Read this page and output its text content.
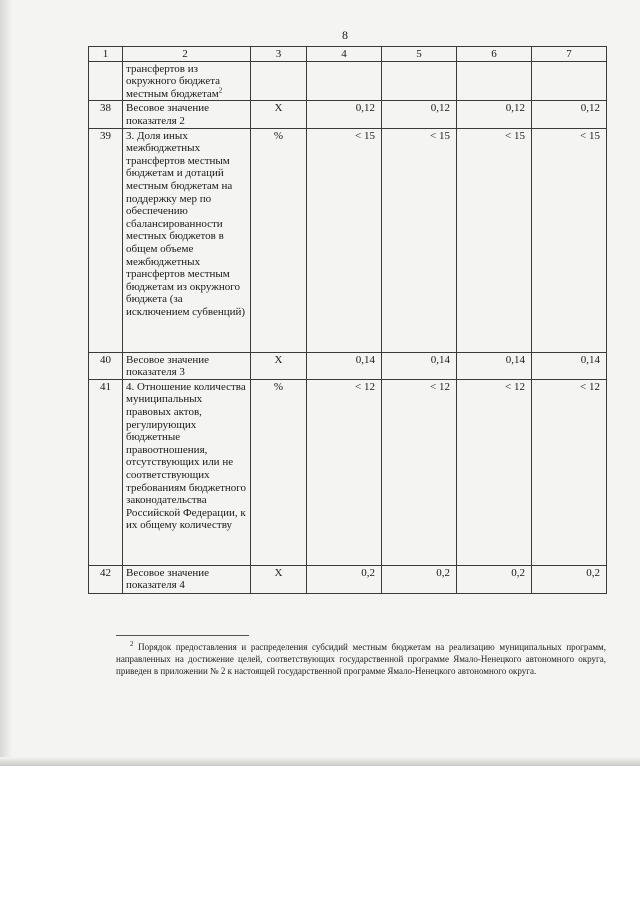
8
1	2	3	4	5	6	7
	трансфертов из окружного бюджета местным бюджетам$^2$					
38	Весовое значение показателя 2	Х	0,12	0,12	0,12	0,12
39	3. Доля иных межбюджетных трансфертов местным бюджетам и дотаций местным бюджетам на поддержку мер по обеспечению сбалансированности местных бюджетов в общем объеме межбюджетных трансфертов местным бюджетам из окружного бюджета (за исключением субвенций)	%	< 15	< 15	< 15	< 15
40	Весовое значение показателя 3	Х	0,14	0,14	0,14	0,14
41	4. Отношение количества муниципальных правовых актов, регулирующих бюджетные правоотношения, отсутствующих или не соответствующих требованиям бюджетного законодательства Российской Федерации, к их общему количеству	%	< 12	< 12	< 12	< 12
42	Весовое значение показателя 4	Х	0,2	0,2	0,2	0,2
$^2$ Порядок предоставления и распределения субсидий местным бюджетам на реализацию муниципальных программ, направленных на достижение целей, соответствующих государственной программе Ямало-Ненецкого автономного округа, приведен в приложении № 2 к настоящей государственной программе Ямало-Ненецкого автономного округа.
